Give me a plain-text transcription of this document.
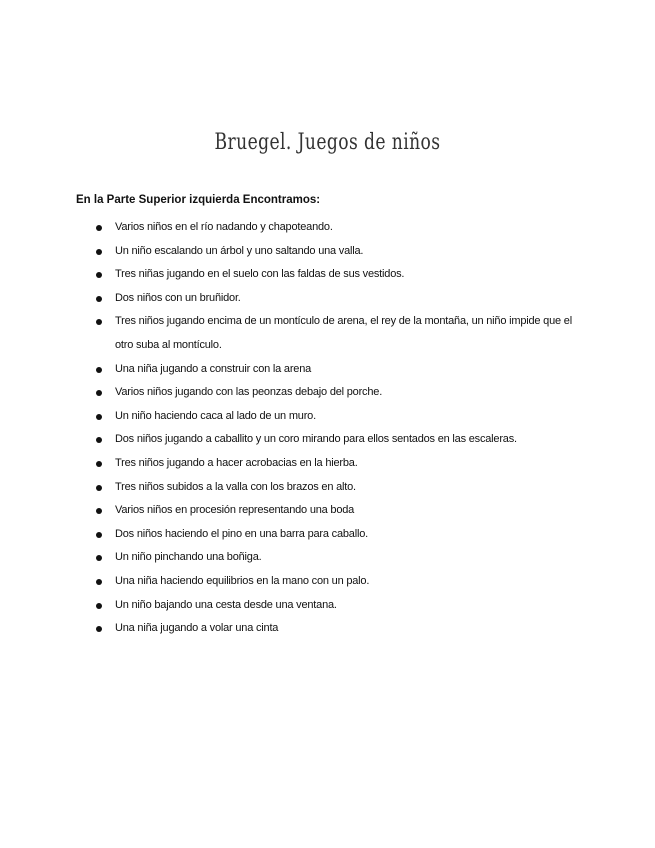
Bruegel. Juegos de niños
En la Parte Superior izquierda Encontramos:
Varios niños en el río nadando y chapoteando.
Un niño escalando un árbol y uno saltando una valla.
Tres niñas jugando en el suelo con las faldas de sus vestidos.
Dos niños con un bruñidor.
Tres niños jugando encima de un montículo de arena, el rey de la montaña, un niño impide que el otro suba al montículo.
Una niña jugando a construir con la arena
Varios niños jugando con las peonzas debajo del porche.
Un niño haciendo caca al lado de un muro.
Dos niños jugando a caballito y un coro mirando para ellos sentados en las escaleras.
Tres niños jugando a hacer acrobacias en la hierba.
Tres niños subidos a la valla con los brazos en alto.
Varios niños en procesión representando una boda
Dos niños haciendo el pino en una barra para caballo.
Un niño pinchando una boñiga.
Una niña haciendo equilibrios en la mano con un palo.
Un niño bajando una cesta desde una ventana.
Una niña jugando a volar una cinta
